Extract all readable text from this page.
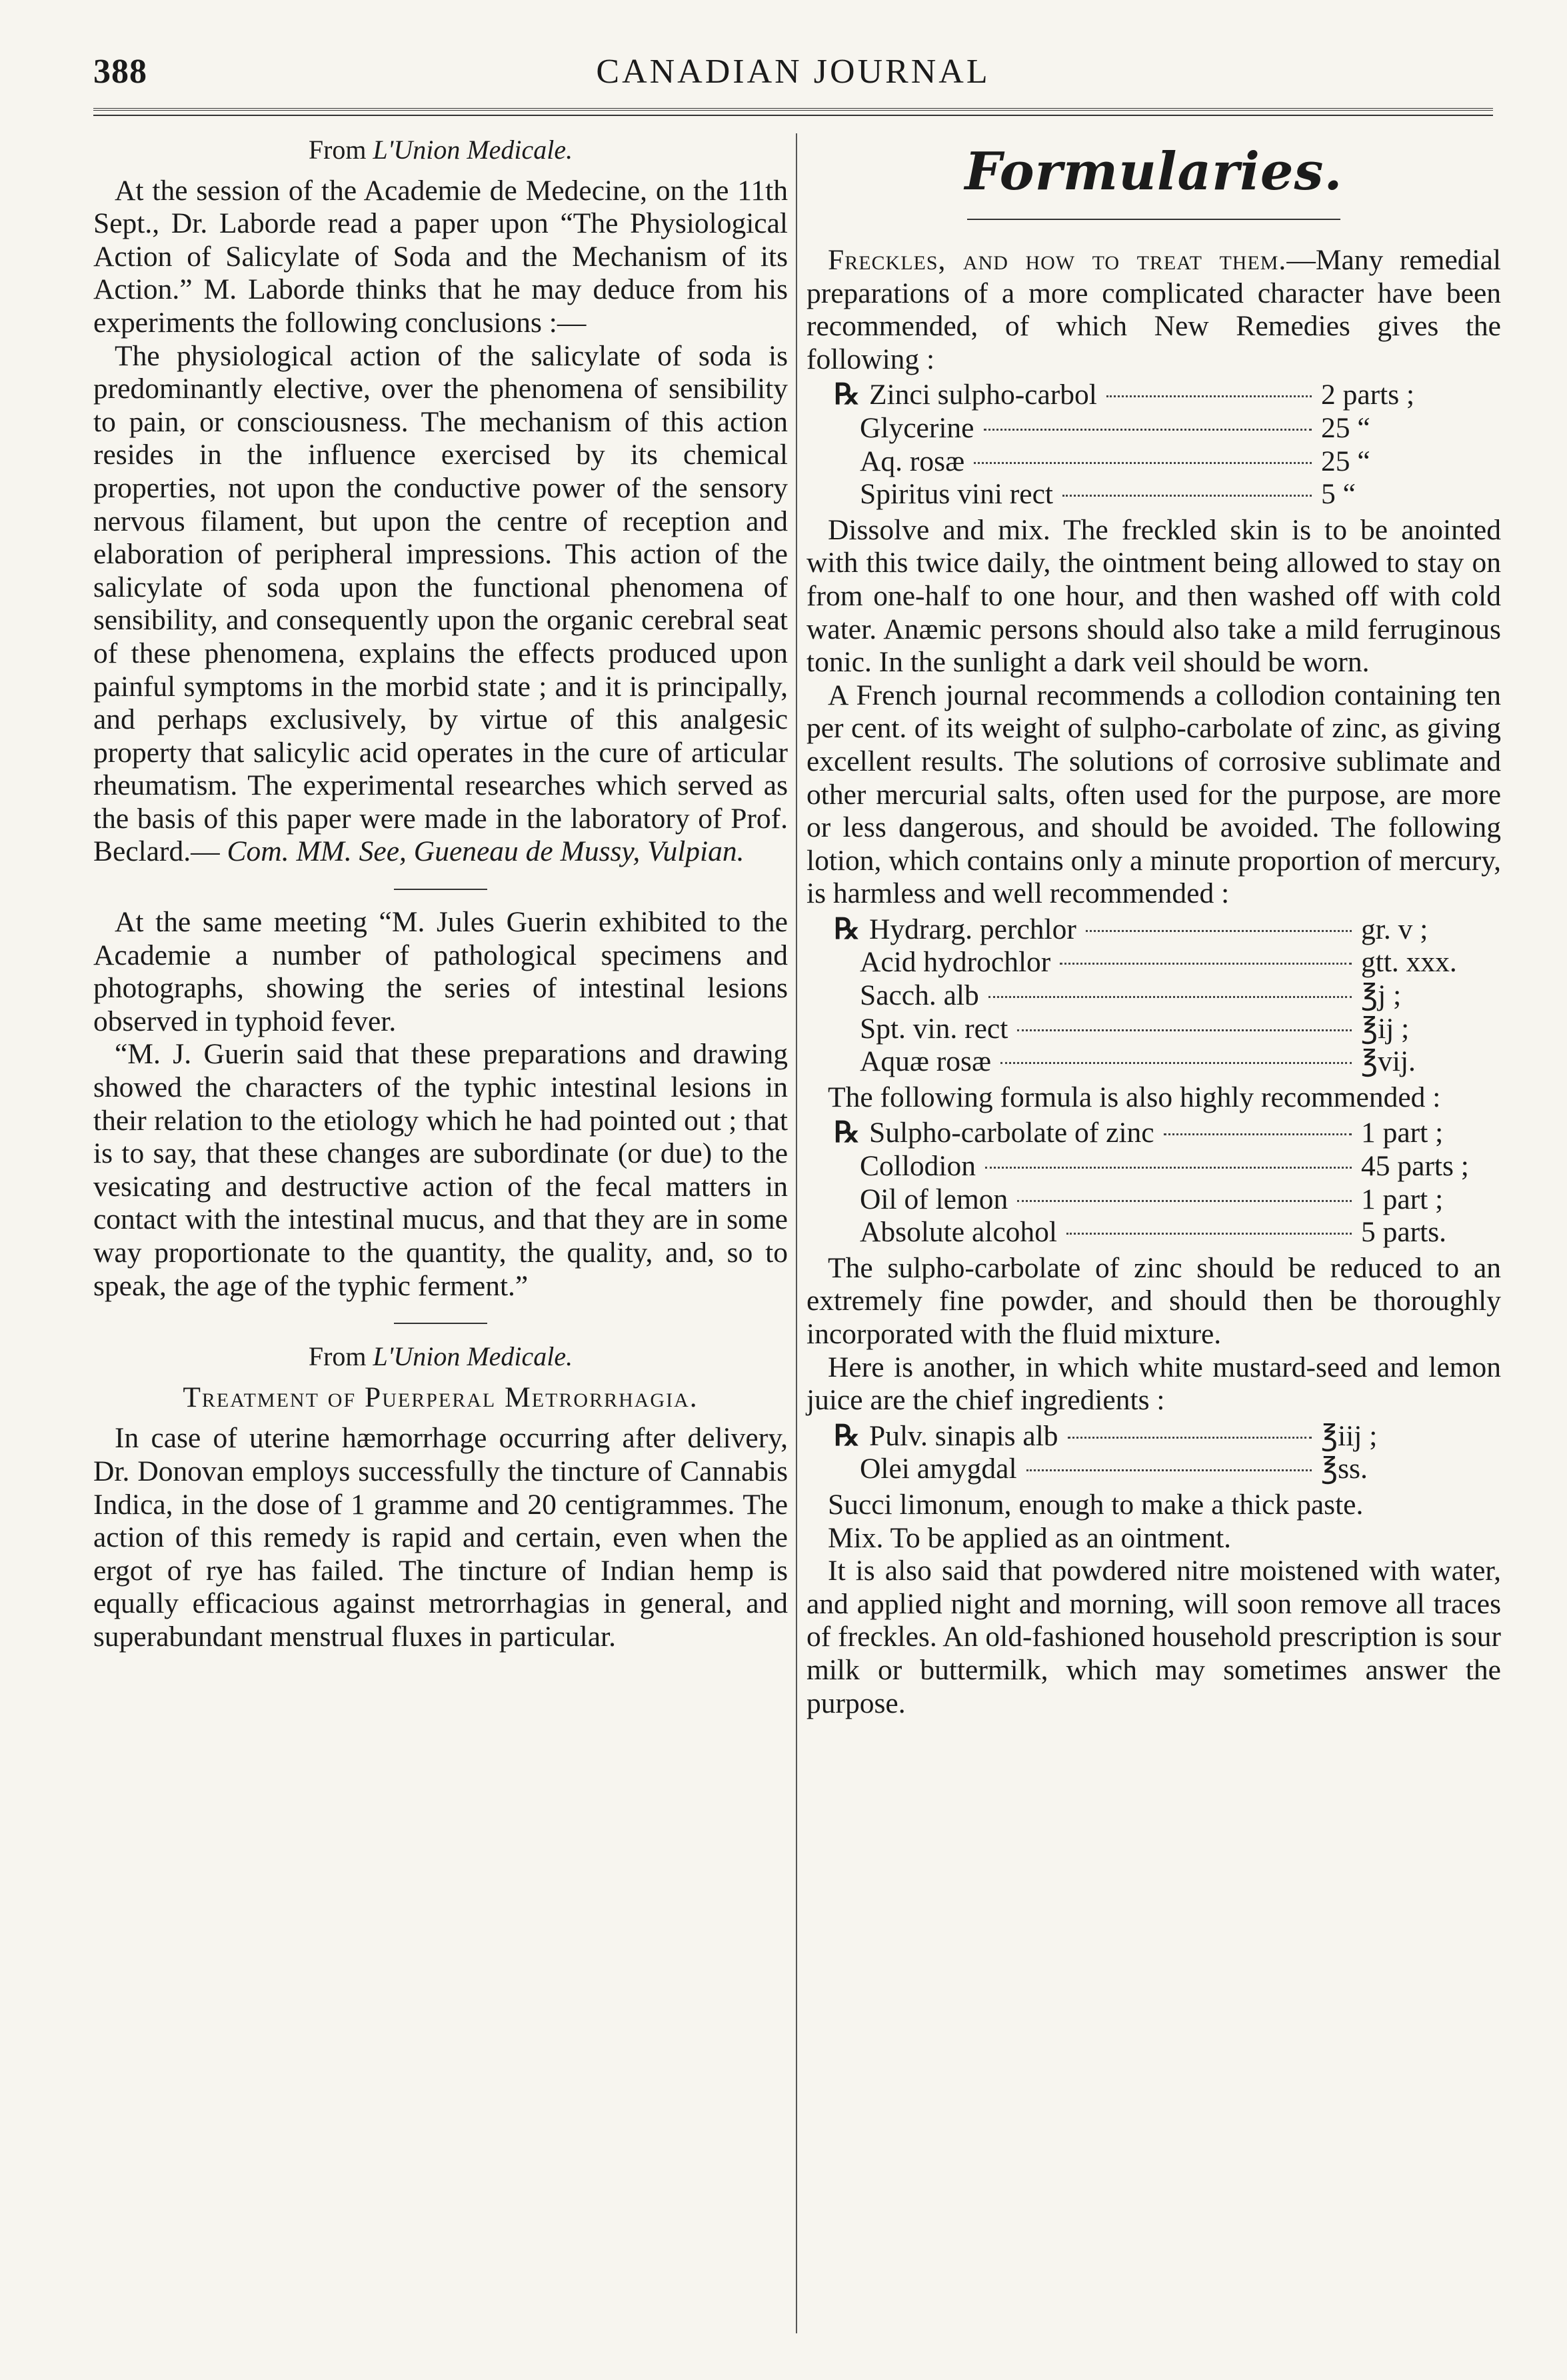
388	CANADIAN JOURNAL
From L'Union Medicale.

At the session of the Academie de Medecine, on the 11th Sept., Dr. Laborde read a paper upon “The Physiological Action of Salicylate of Soda and the Mechanism of its Action.” M. Laborde thinks that he may deduce from his experiments the following conclusions :—

The physiological action of the salicylate of soda is predominantly elective, over the phenomena of sensibility to pain, or consciousness. The mechanism of this action resides in the influence exercised by its chemical properties, not upon the conductive power of the sensory nervous filament, but upon the centre of reception and elaboration of peripheral impressions. This action of the salicylate of soda upon the functional phenomena of sensibility, and consequently upon the organic cerebral seat of these phenomena, explains the effects produced upon painful symptoms in the morbid state ; and it is principally, and perhaps exclusively, by virtue of this analgesic property that salicylic acid operates in the cure of articular rheumatism. The experimental researches which served as the basis of this paper were made in the laboratory of Prof. Beclard.— Com. MM. See, Gueneau de Mussy, Vulpian.

At the same meeting “M. Jules Guerin exhibited to the Academie a number of pathological specimens and photographs, showing the series of intestinal lesions observed in typhoid fever.

“M. J. Guerin said that these preparations and drawing showed the characters of the typhic intestinal lesions in their relation to the etiology which he had pointed out ; that is to say, that these changes are subordinate (or due) to the vesicating and destructive action of the fecal matters in contact with the intestinal mucus, and that they are in some way proportionate to the quantity, the quality, and, so to speak, the age of the typhic ferment.”

From L'Union Medicale.
Treatment of Puerperal Metrorrhagia.

In case of uterine hæmorrhage occurring after delivery, Dr. Donovan employs successfully the tincture of Cannabis Indica, in the dose of 1 gramme and 20 centigrammes. The action of this remedy is rapid and certain, even when the ergot of rye has failed. The tincture of Indian hemp is equally efficacious against metrorrhagias in general, and superabundant menstrual fluxes in particular.

Formularies.

Freckles, and how to treat them.—Many remedial preparations of a more complicated character have been recommended, of which New Remedies gives the following :

℞ Zinci sulpho-carbol	2 parts ;
Glycerine	25 “
Aq. rosæ	25 “
Spiritus vini rect	5 “

Dissolve and mix. The freckled skin is to be anointed with this twice daily, the ointment being allowed to stay on from one-half to one hour, and then washed off with cold water. Anæmic persons should also take a mild ferruginous tonic. In the sunlight a dark veil should be worn.

A French journal recommends a collodion containing ten per cent. of its weight of sulpho-carbolate of zinc, as giving excellent results. The solutions of corrosive sublimate and other mercurial salts, often used for the purpose, are more or less dangerous, and should be avoided. The following lotion, which contains only a minute proportion of mercury, is harmless and well recommended :

℞ Hydrarg. perchlor	gr. v ;
Acid hydrochlor	gtt. xxx.
Sacch. alb	℥j ;
Spt. vin. rect	℥ij ;
Aquæ rosæ	℥vij.

The following formula is also highly recommended :

℞ Sulpho-carbolate of zinc	1 part ;
Collodion	45 parts ;
Oil of lemon	1 part ;
Absolute alcohol	5 parts.

The sulpho-carbolate of zinc should be reduced to an extremely fine powder, and should then be thoroughly incorporated with the fluid mixture.

Here is another, in which white mustard-seed and lemon juice are the chief ingredients :

℞ Pulv. sinapis alb	℥iij ;
Olei amygdal	℥ss.

Succi limonum, enough to make a thick paste.

Mix. To be applied as an ointment.

It is also said that powdered nitre moistened with water, and applied night and morning, will soon remove all traces of freckles. An old-fashioned household prescription is sour milk or buttermilk, which may sometimes answer the purpose.
